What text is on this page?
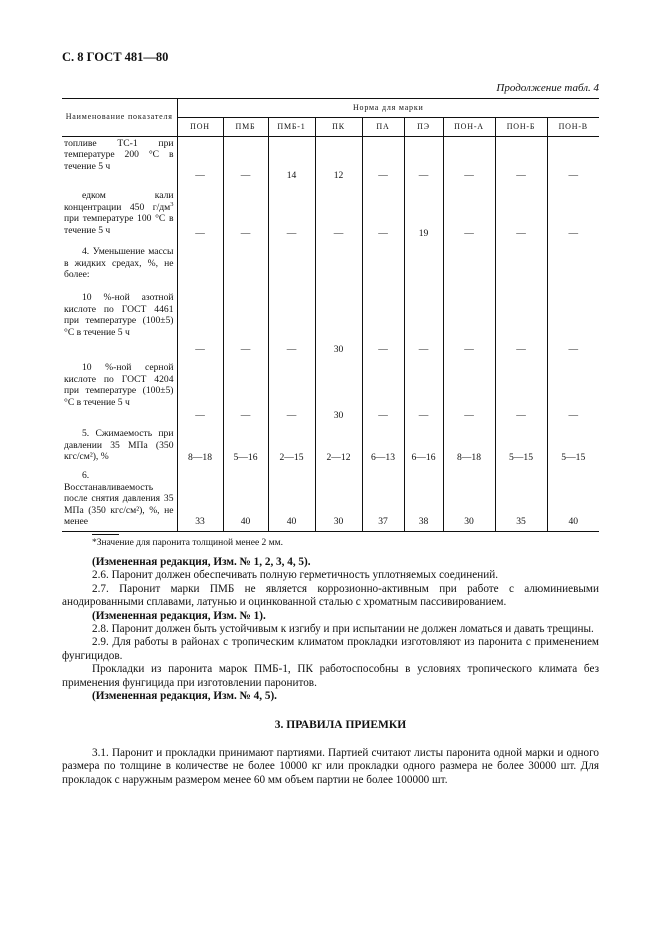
С. 8 ГОСТ 481—80
Продолжение табл. 4
Наименование показателя	Норма для марки								
	ПОН	ПМБ	ПМБ-1	ПК	ПА	ПЭ	ПОН-А	ПОН-Б	ПОН-В
топливе ТС-1 при температуре 200 °С в течение 5 ч	—	—	14	12	—	—	—	—	—
едком кали концентрации 450 $г/дм^3$ при температуре 100 °С в течение 5 ч	—	—	—	—	—	19	—	—	—
4. Уменьшение массы в жидких средах, %, не более:									
10 %-ной азотной кислоте по ГОСТ 4461 при температуре (100±5) °С в течение 5 ч	—	—	—	30	—	—	—	—	—
10 %-ной серной кислоте по ГОСТ 4204 при температуре (100±5) °С в течение 5 ч	—	—	—	30	—	—	—	—	—
5. Сжимаемость при давлении 35 МПа (350 кгс/см²), %	8—18	5—16	2—15	2—12	6—13	6—16	8—18	5—15	5—15
6. Восстанавливаемость после снятия давления 35 МПа (350 кгс/см²), %, не менее	33	40	40	30	37	38	30	35	40
*Значение для паронита толщиной менее 2 мм.

(Измененная редакция, Изм. № 1, 2, 3, 4, 5).

2.6. Паронит должен обеспечивать полную герметичность уплотняемых соединений.

2.7. Паронит марки ПМБ не является коррозионно-активным при работе с алюминиевыми анодированными сплавами, латунью и оцинкованной сталью с хроматным пассивированием.

(Измененная редакция, Изм. № 1).

2.8. Паронит должен быть устойчивым к изгибу и при испытании не должен ломаться и давать трещины.

2.9. Для работы в районах с тропическим климатом прокладки изготовляют из паронита с применением фунгицидов.

Прокладки из паронита марок ПМБ-1, ПК работоспособны в условиях тропического климата без применения фунгицида при изготовлении паронитов.

(Измененная редакция, Изм. № 4, 5).

3. ПРАВИЛА ПРИЕМКИ

3.1. Паронит и прокладки принимают партиями. Партией считают листы паронита одной марки и одного размера по толщине в количестве не более 10000 кг или прокладки одного размера не более 30000 шт. Для прокладок с наружным размером менее 60 мм объем партии не более 100000 шт.
